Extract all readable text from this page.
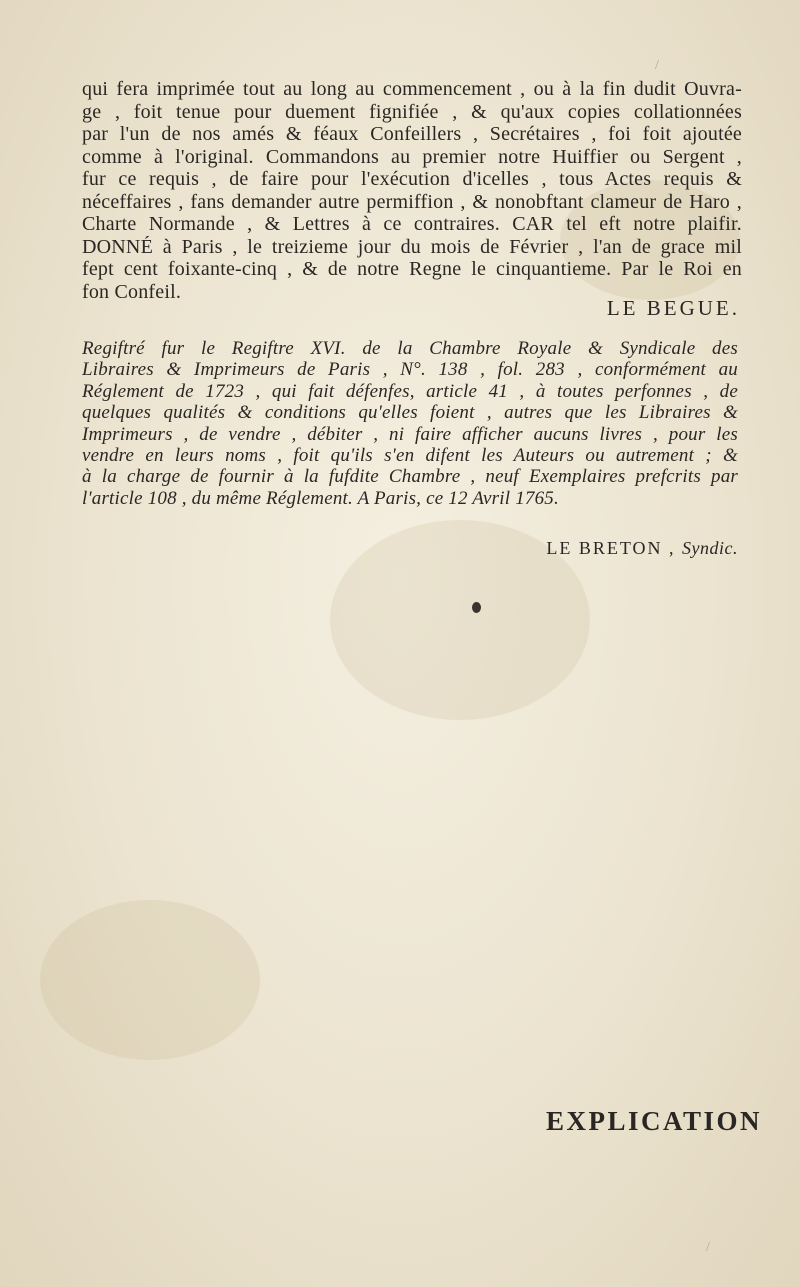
/
/
qui fera imprimée tout au long au commencement , ou à la fin dudit Ouvra-
ge , foit tenue pour duement fignifiée , & qu'aux copies collationnées
par l'un de nos amés & féaux Confeillers , Secrétaires , foi foit ajoutée
comme à l'original. Commandons au premier notre Huiffier ou Sergent ,
fur ce requis , de faire pour l'exécution d'icelles , tous Actes requis &
néceffaires , fans demander autre permiffion , & nonobftant clameur de Haro ,
Charte Normande , & Lettres à ce contraires. CAR tel eft notre plaifir.
DONNÉ à Paris , le treizieme jour du mois de Février , l'an de grace mil
fept cent foixante-cinq , & de notre Regne le cinquantieme. Par le Roi en
fon Confeil.
LE BEGUE.
Regiftré fur le Regiftre XVI. de la Chambre Royale & Syndicale des
Libraires & Imprimeurs de Paris , N°. 138 , fol. 283 , conformément au
Réglement de 1723 , qui fait défenfes, article 41 , à toutes perfonnes , de
quelques qualités & conditions qu'elles foient , autres que les Libraires &
Imprimeurs , de vendre , débiter , ni faire afficher aucuns livres , pour les
vendre en leurs noms , foit qu'ils s'en difent les Auteurs ou autrement ; &
à la charge de fournir à la fufdite Chambre , neuf Exemplaires prefcrits par
l'article 108 , du même Réglement. A Paris, ce 12 Avril 1765.
LE BRETON , Syndic.
EXPLICATION
